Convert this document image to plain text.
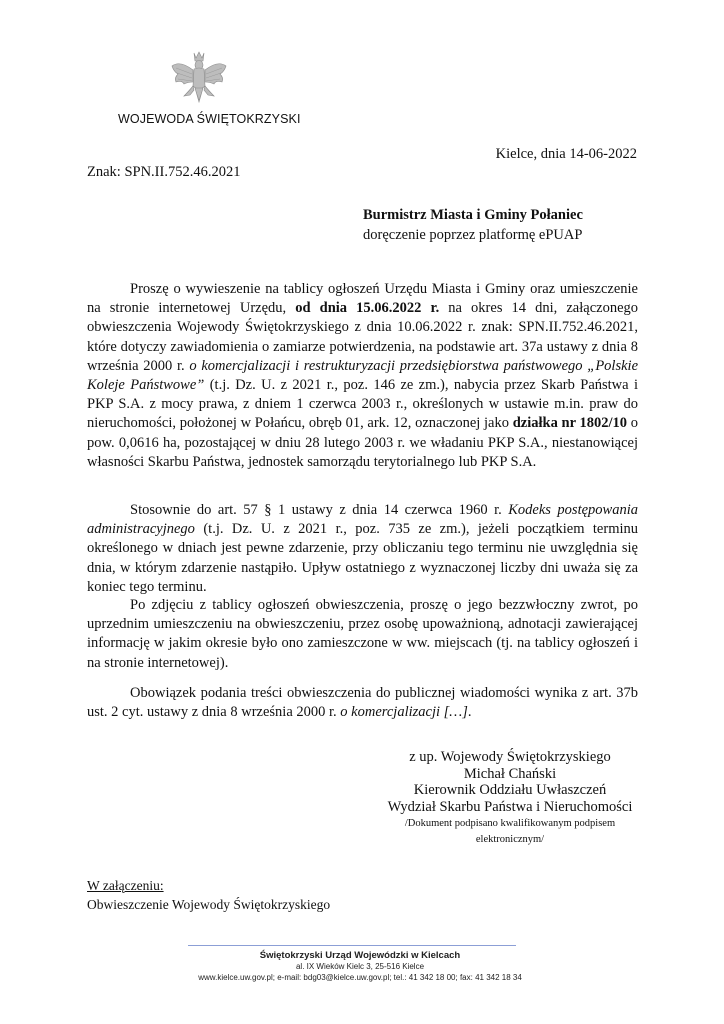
WOJEWODA ŚWIĘTOKRZYSKI
Kielce, dnia 14-06-2022
Znak: SPN.II.752.46.2021
Burmistrz Miasta i Gminy Połaniec
doręczenie poprzez platformę ePUAP

Proszę o wywieszenie na tablicy ogłoszeń Urzędu Miasta i Gminy oraz umieszczenie na stronie internetowej Urzędu, od dnia 15.06.2022 r. na okres 14 dni, załączonego obwieszczenia Wojewody Świętokrzyskiego z dnia 10.06.2022 r. znak: SPN.II.752.46.2021, które dotyczy zawiadomienia o zamiarze potwierdzenia, na podstawie art. 37a ustawy z dnia 8 września 2000 r. o komercjalizacji i restrukturyzacji przedsiębiorstwa państwowego „Polskie Koleje Państwowe” (t.j. Dz. U. z 2021 r., poz. 146 ze zm.), nabycia przez Skarb Państwa i PKP S.A. z mocy prawa, z dniem 1 czerwca 2003 r., określonych w ustawie m.in. praw do nieruchomości, położonej w Połańcu, obręb 01, ark. 12, oznaczonej jako działka nr 1802/10 o pow. 0,0616 ha, pozostającej w dniu 28 lutego 2003 r. we władaniu PKP S.A., niestanowiącej własności Skarbu Państwa, jednostek samorządu terytorialnego lub PKP S.A.

Stosownie do art. 57 § 1 ustawy z dnia 14 czerwca 1960 r. Kodeks postępowania administracyjnego (t.j. Dz. U. z 2021 r., poz. 735 ze zm.), jeżeli początkiem terminu określonego w dniach jest pewne zdarzenie, przy obliczaniu tego terminu nie uwzględnia się dnia, w którym zdarzenie nastąpiło. Upływ ostatniego z wyznaczonej liczby dni uważa się za koniec tego terminu.

Po zdjęciu z tablicy ogłoszeń obwieszczenia, proszę o jego bezzwłoczny zwrot, po uprzednim umieszczeniu na obwieszczeniu, przez osobę upoważnioną, adnotacji zawierającej informację w jakim okresie było ono zamieszczone w ww. miejscach (tj. na tablicy ogłoszeń i na stronie internetowej).

Obowiązek podania treści obwieszczenia do publicznej wiadomości wynika z art. 37b ust. 2 cyt. ustawy z dnia 8 września 2000 r. o komercjalizacji […].

z up. Wojewody Świętokrzyskiego
Michał Chański
Kierownik Oddziału Uwłaszczeń
Wydział Skarbu Państwa i Nieruchomości
/Dokument podpisano kwalifikowanym podpisem
elektronicznym/
W załączeniu:
Obwieszczenie Wojewody Świętokrzyskiego
Świętokrzyski Urząd Wojewódzki w Kielcach
al. IX Wieków Kielc 3, 25-516 Kielce
www.kielce.uw.gov.pl; e-mail: bdg03@kielce.uw.gov.pl; tel.: 41 342 18 00; fax: 41 342 18 34
